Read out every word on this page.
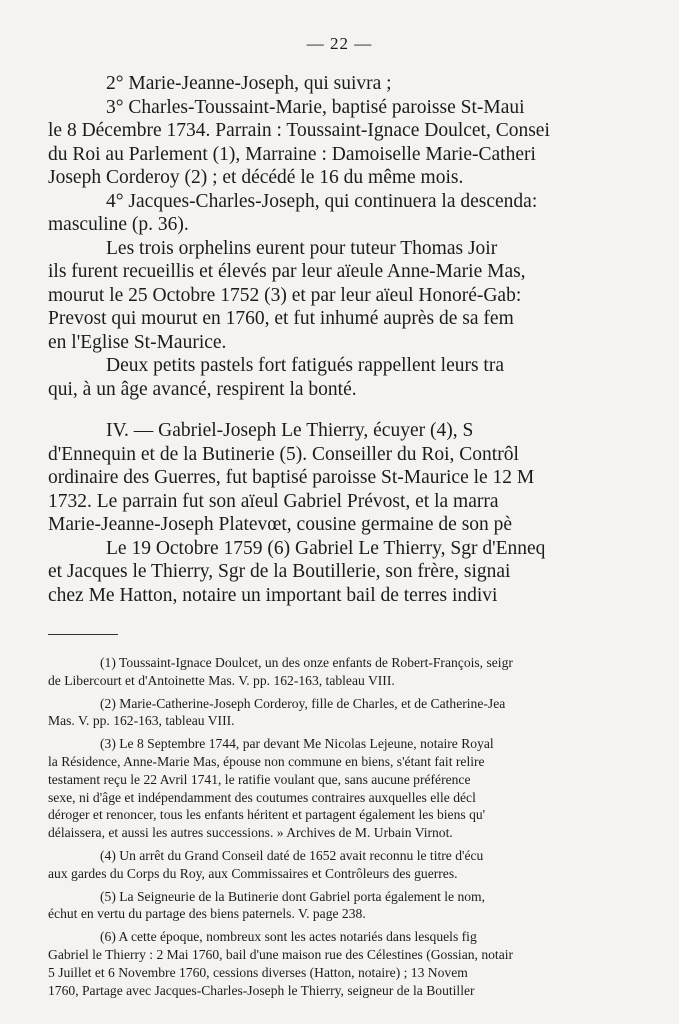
— 22 —
2° Marie-Jeanne-Joseph, qui suivra ;
3° Charles-Toussaint-Marie, baptisé paroisse St-Maui
le 8 Décembre 1734. Parrain : Toussaint-Ignace Doulcet, Consei
du Roi au Parlement (1), Marraine : Damoiselle Marie-Catheri
Joseph Corderoy (2) ; et décédé le 16 du même mois.
4° Jacques-Charles-Joseph, qui continuera la descenda:
masculine (p. 36).
Les trois orphelins eurent pour tuteur Thomas Joir
ils furent recueillis et élevés par leur aïeule Anne-Marie Mas,
mourut le 25 Octobre 1752 (3) et par leur aïeul Honoré-Gab:
Prevost qui mourut en 1760, et fut inhumé auprès de sa fem
en l'Eglise St-Maurice.
Deux petits pastels fort fatigués rappellent leurs tra
qui, à un âge avancé, respirent la bonté.
IV. — Gabriel-Joseph Le Thierry, écuyer (4), S
d'Ennequin et de la Butinerie (5). Conseiller du Roi, Contrôl
ordinaire des Guerres, fut baptisé paroisse St-Maurice le 12 M
1732. Le parrain fut son aïeul Gabriel Prévost, et la marra
Marie-Jeanne-Joseph Platevœt, cousine germaine de son pè
Le 19 Octobre 1759 (6) Gabriel Le Thierry, Sgr d'Enneq
et Jacques le Thierry, Sgr de la Boutillerie, son frère, signai
chez Me Hatton, notaire un important bail de terres indivi
(1) Toussaint-Ignace Doulcet, un des onze enfants de Robert-François, seigr
de Libercourt et d'Antoinette Mas. V. pp. 162-163, tableau VIII.
(2) Marie-Catherine-Joseph Corderoy, fille de Charles, et de Catherine-Jea
Mas. V. pp. 162-163, tableau VIII.
(3) Le 8 Septembre 1744, par devant Me Nicolas Lejeune, notaire Royal
la Résidence, Anne-Marie Mas, épouse non commune en biens, s'étant fait relire
testament reçu le 22 Avril 1741, le ratifie voulant que, sans aucune préférence
sexe, ni d'âge et indépendamment des coutumes contraires auxquelles elle décl
déroger et renoncer, tous les enfants héritent et partagent également les biens qu'
délaissera, et aussi les autres successions. » Archives de M. Urbain Virnot.
(4) Un arrêt du Grand Conseil daté de 1652 avait reconnu le titre d'écu
aux gardes du Corps du Roy, aux Commissaires et Contrôleurs des guerres.
(5) La Seigneurie de la Butinerie dont Gabriel porta également le nom,
échut en vertu du partage des biens paternels. V. page 238.
(6) A cette époque, nombreux sont les actes notariés dans lesquels fig
Gabriel le Thierry : 2 Mai 1760, bail d'une maison rue des Célestines (Gossian, notair
5 Juillet et 6 Novembre 1760, cessions diverses (Hatton, notaire) ; 13 Novem
1760, Partage avec Jacques-Charles-Joseph le Thierry, seigneur de la Boutiller
